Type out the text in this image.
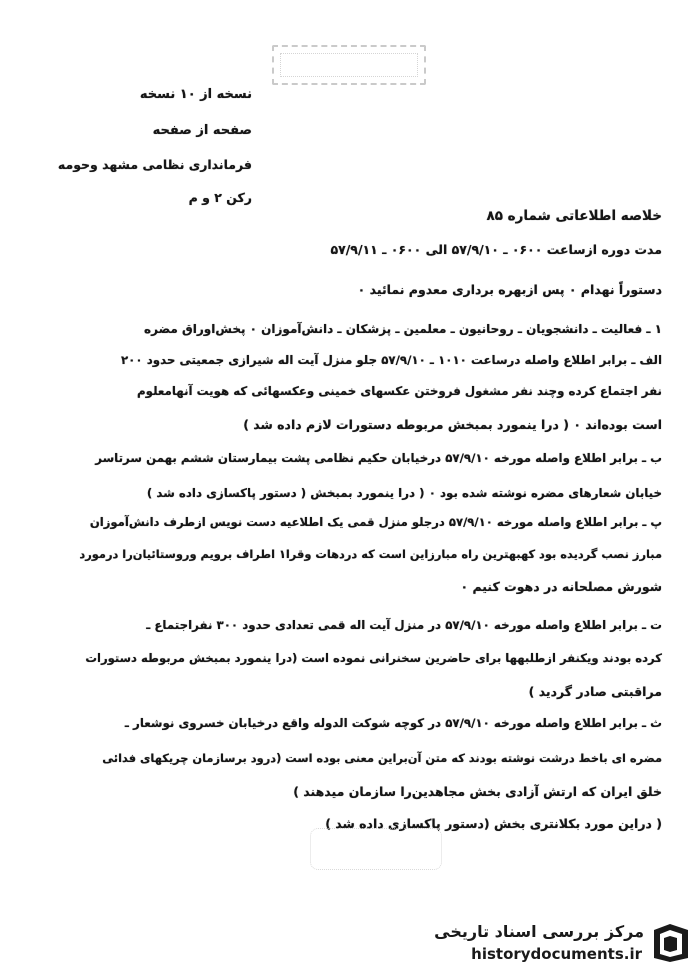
نسخه از ۱۰ نسخه
صفحه از صفحه
فرماندارى نظامى مشهد وحومه
رکن ۲ و م
خلاصه اطلاعاتى شماره ۸۵
مدت دوره ازساعت ۰۶۰۰ ـ ۵۷/۹/۱۰ الى ۰۶۰۰ ـ ۵۷/۹/۱۱
دستوراً نهدام ۰ پس ازبهره بردارى معدوم نمائید ۰
۱ ـ فعالیت ـ دانشجویان ـ روحانیون ـ معلمین ـ پزشکان ـ دانش‌آموزان ۰ پخش‌اوراق مضره
الف ـ برابر اطلاع واصله درساعت ۱۰۱۰ ـ ۵۷/۹/۱۰ جلو منزل آیت اله شیرازى جمعیتى حدود ۲۰۰
نفر اجتماع کرده وچند نفر مشغول فروختن عکسهای خمینى وعکسهائى که هویت آنهامعلوم
است بوده‌اند ۰ ( درا ینمورد بمبخش مربوطه دستورات لازم داده شد )
ب ـ برابر اطلاع واصله مورخه ۵۷/۹/۱۰ درخیابان حکیم نظامی پشت بیمارستان ششم بهمن سرتاسر
خیابان شعارهای مضره نوشته شده بود ۰ ( درا ینمورد بمبخش ( دستور پاکسازى داده شد )
پ ـ برابر اطلاع واصله مورخه ۵۷/۹/۱۰ درجلو منزل قمى یک اطلاعیه دست نویس ازطرف دانش‌آموزان
مبارز نصب گردیده بود کهبهترین راه مبارزاین است که دردهات وقرا۱ اطراف برویم وروستائیان‌را درمورد
شورش مصلحانه در دهوت کنیم ۰
ت ـ برابر اطلاع واصله مورخه ۵۷/۹/۱۰ در منزل آیت اله قمى تعدادى حدود ۳۰۰ نفراجتماع ـ
کرده بودند ویکنفر ازطلبهها براى حاضرین سخنرانى نموده است (درا ینمورد بمبخش مربوطه دستورات
مراقبتى صادر گردید )
ث ـ برابر اطلاع واصله مورخه ۵۷/۹/۱۰ در کوچه شوکت الدوله واقع درخیابان خسروى نوشعار ـ
مضره اى باخط درشت نوشته بودند که متن آن‌براین معنى بوده است (درود برسازمان چریکهاى فدائى
خلق ایران که ارتش آزادى بخش مجاهدین‌را سازمان میدهند )
( دراین مورد بکلانترى بخش (دستور پاکسازى داده شد )
مرکز بررسی اسناد تاریخی
historydocuments.ir
